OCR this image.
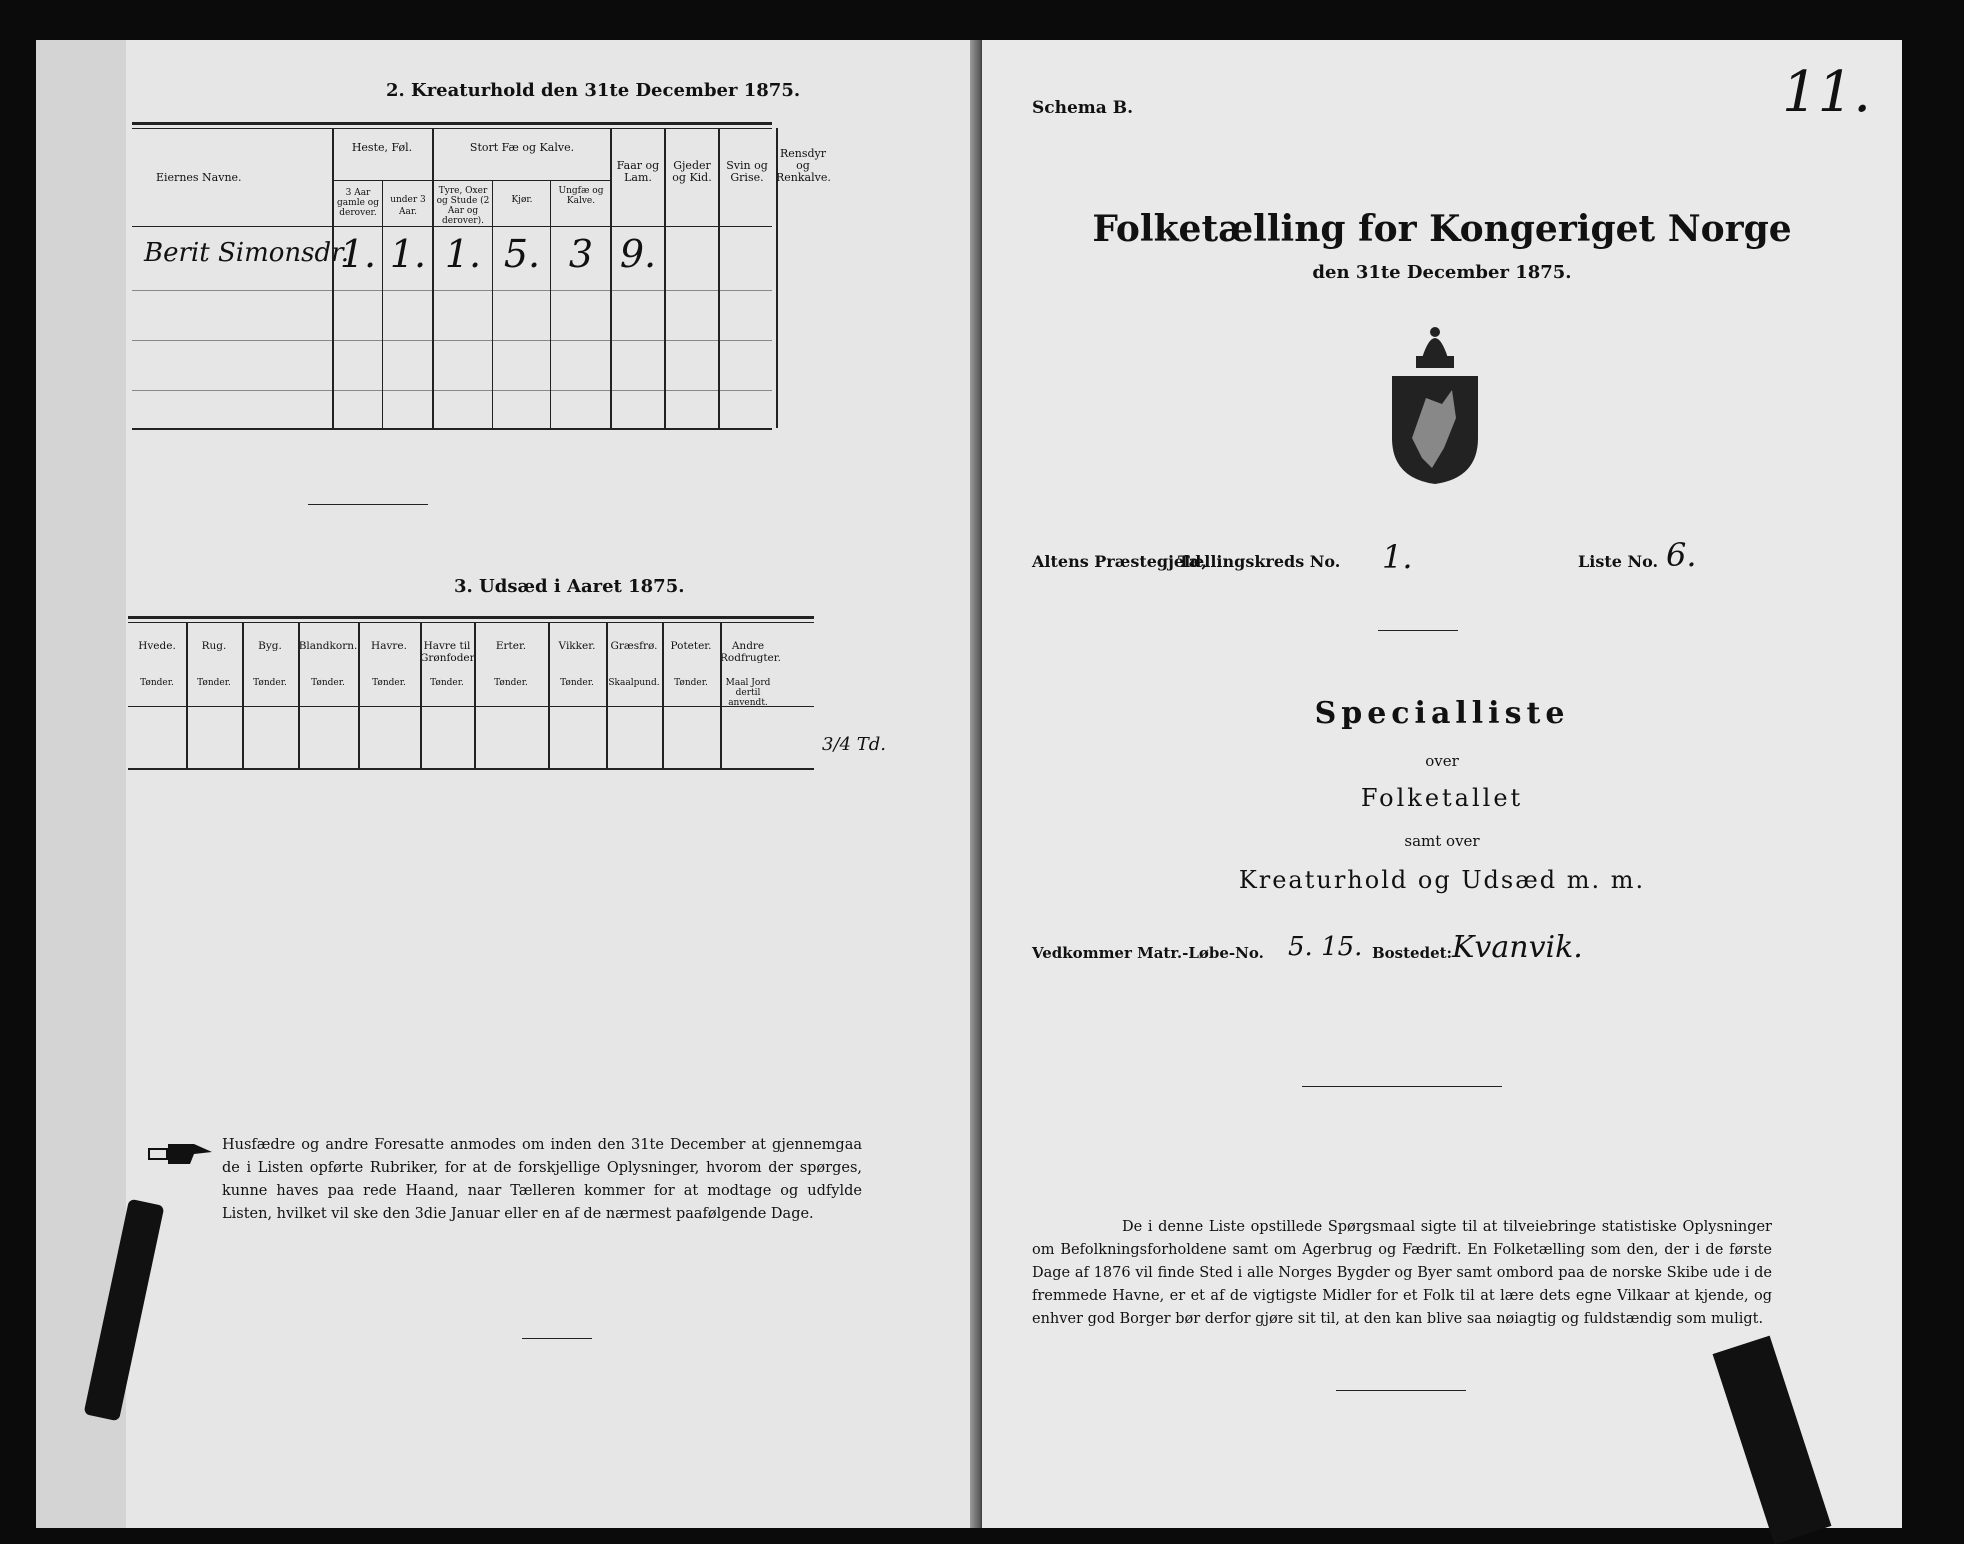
2. Kreaturhold den 31te December 1875.
Eiernes Navne.
Heste, Føl.
3 Aar gamle og derover.
under 3 Aar.
Stort Fæ og Kalve.
Tyre, Oxer og Stude (2 Aar og derover).
Kjør.
Ungfæ og Kalve.
Faar og Lam.
Gjeder og Kid.
Svin og Grise.
Rensdyr og Renkalve.
Berit Simonsdr.
1. 1. 1. 5. 3 9.
3. Udsæd i Aaret 1875.
Hvede.
Tønder.
Rug.
Tønder.
Byg.
Tønder.
Blandkorn.
Tønder.
Havre.
Tønder.
Havre til Grønfoder.
Tønder.
Erter.
Tønder.
Vikker.
Tønder.
Græsfrø.
Skaalpund.
Poteter.
Tønder.
Andre Rodfrugter.
Maal Jord dertil anvendt.
3/4 Td.
Husfædre og andre Foresatte anmodes om inden den 31te December at gjennemgaa de i Listen opførte Rubriker, for at de forskjellige Oplysninger, hvorom der spørges, kunne haves paa rede Haand, naar Tælleren kommer for at modtage og udfylde Listen, hvilket vil ske den 3die Januar eller en af de nærmest paafølgende Dage.
Schema B.	11.
Folketælling for Kongeriget Norge
den 31te December 1875.
Altens Præstegjeld,
Tællingskreds No. 1.	Liste No. 6.
Specialliste
over
Folketallet
samt over
Kreaturhold og Udsæd m. m.
Vedkommer Matr.-Løbe-No. 5. 15. Bostedet: Kvanvik.
De i denne Liste opstillede Spørgsmaal sigte til at tilveiebringe statistiske Oplysninger om Befolkningsforholdene samt om Agerbrug og Fædrift. En Folketælling som den, der i de første Dage af 1876 vil finde Sted i alle Norges Bygder og Byer samt ombord paa de norske Skibe ude i de fremmede Havne, er et af de vigtigste Midler for et Folk til at lære dets egne Vilkaar at kjende, og enhver god Borger bør derfor gjøre sit til, at den kan blive saa nøiagtig og fuldstændig som muligt.
